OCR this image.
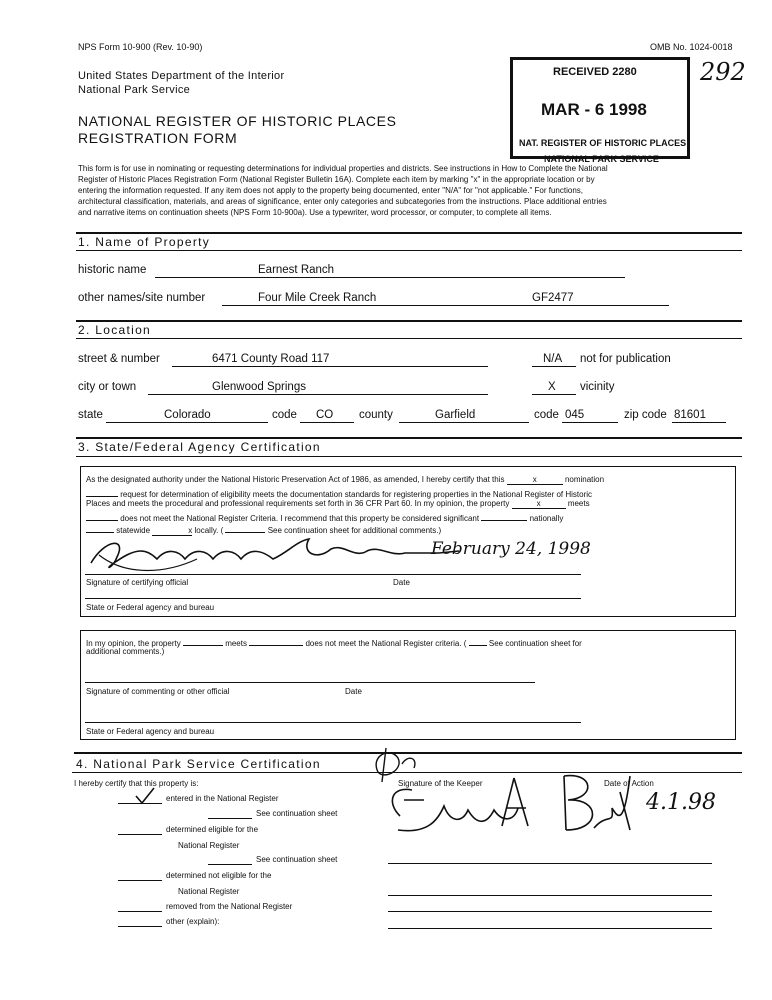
NPS Form 10-900 (Rev. 10-90)	OMB No. 1024-0018
292
United States Department of the Interior
National Park Service
NATIONAL REGISTER OF HISTORIC PLACES
REGISTRATION FORM
RECEIVED 2280
MAR - 6 1998
NAT. REGISTER OF HISTORIC PLACES
NATIONAL PARK SERVICE
This form is for use in nominating or requesting determinations for individual properties and districts. See instructions in How to Complete the National
Register of Historic Places Registration Form (National Register Bulletin 16A). Complete each item by marking "x" in the appropriate location or by
entering the information requested. If any item does not apply to the property being documented, enter "N/A" for "not applicable." For functions,
architectural classification, materials, and areas of significance, enter only categories and subcategories from the instructions. Place additional entries
and narrative items on continuation sheets (NPS Form 10-900a). Use a typewriter, word processor, or computer, to complete all items.
1. Name of Property
historic name	Earnest Ranch
other names/site number	Four Mile Creek Ranch	GF2477
2. Location
street & number	6471 County Road 117	N/A not for publication
city or town	Glenwood Springs	X vicinity
state	Colorado	code CO county	Garfield	code 045	zip code 81601
3. State/Federal Agency Certification
As the designated authority under the National Historic Preservation Act of 1986, as amended, I hereby certify that this	x	nomination
request for determination of eligibility meets the documentation standards for registering properties in the National Register of Historic
Places and meets the procedural and professional requirements set forth in 36 CFR Part 60. In my opinion, the property	x	meets
does not meet the National Register Criteria. I recommend that this property be considered significant	nationally
statewide	x locally. (	See continuation sheet for additional comments.)
February 24, 1998
Signature of certifying official	Date
State or Federal agency and bureau
In my opinion, the property	meets	does not meet the National Register criteria. (	See continuation sheet for
additional comments.)
Signature of commenting or other official	Date
State or Federal agency and bureau
4. National Park Service Certification
I hereby certify that this property is:	Signature of the Keeper	Date of Action
entered in the National Register
See continuation sheet
determined eligible for the
National Register
See continuation sheet
determined not eligible for the
National Register
removed from the National Register
other (explain):
4.1.98
